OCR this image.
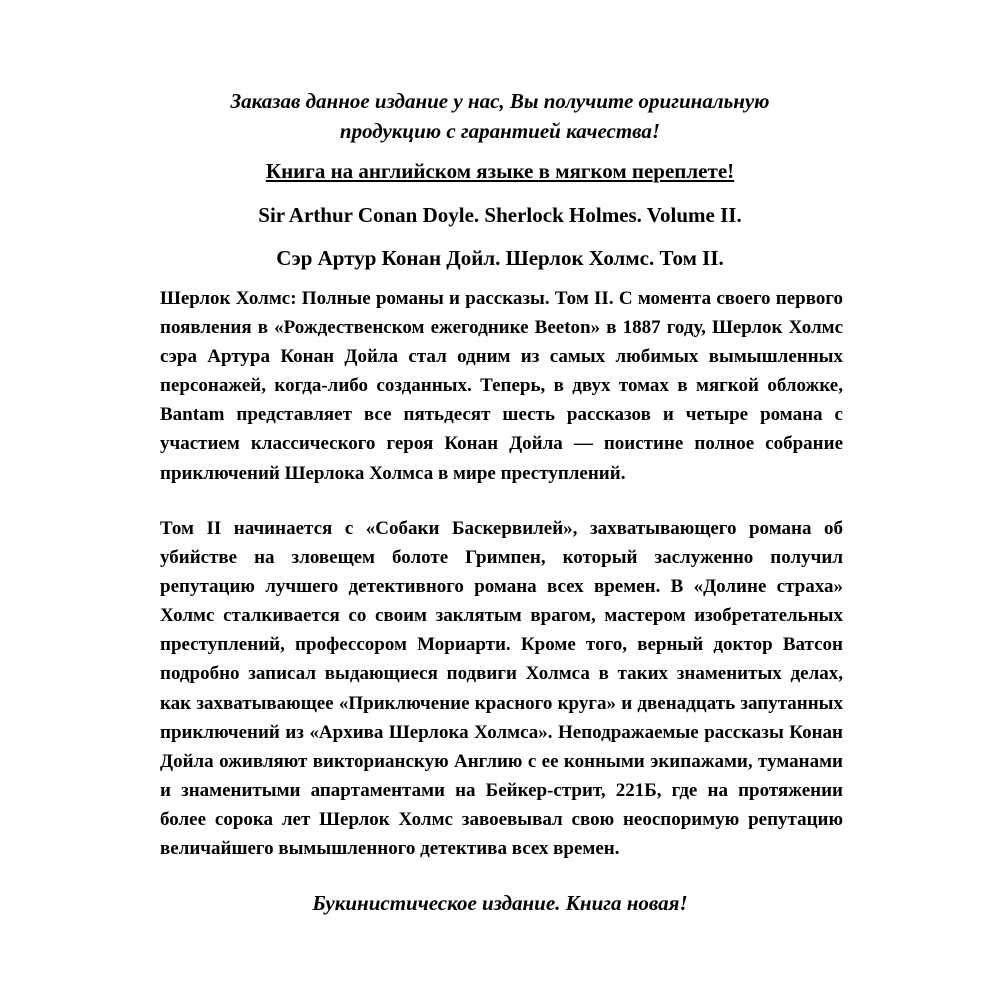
Заказав данное издание у нас, Вы получите оригинальную
продукцию с гарантией качества!
Книга на английском языке в мягком переплете!
Sir Arthur Conan Doyle. Sherlock Holmes. Volume II.
Сэр Артур Конан Дойл. Шерлок Холмс. Том II.

Шерлок Холмс: Полные романы и рассказы. Том II. С момента своего первого появления в «Рождественском ежегоднике Beeton» в 1887 году, Шерлок Холмс сэра Артура Конан Дойла стал одним из самых любимых вымышленных персонажей, когда-либо созданных. Теперь, в двух томах в мягкой обложке, Bantam представляет все пятьдесят шесть рассказов и четыре романа с участием классического героя Конан Дойла — поистине полное собрание приключений Шерлока Холмса в мире преступлений.

Том II начинается с «Собаки Баскервилей», захватывающего романа об убийстве на зловещем болоте Гримпен, который заслуженно получил репутацию лучшего детективного романа всех времен. В «Долине страха» Холмс сталкивается со своим заклятым врагом, мастером изобретательных преступлений, профессором Мориарти. Кроме того, верный доктор Ватсон подробно записал выдающиеся подвиги Холмса в таких знаменитых делах, как захватывающее «Приключение красного круга» и двенадцать запутанных приключений из «Архива Шерлока Холмса». Неподражаемые рассказы Конан Дойла оживляют викторианскую Англию с ее конными экипажами, туманами и знаменитыми апартаментами на Бейкер-стрит, 221Б, где на протяжении более сорока лет Шерлок Холмс завоевывал свою неоспоримую репутацию величайшего вымышленного детектива всех времен.

Букинистическое издание. Книга новая!
